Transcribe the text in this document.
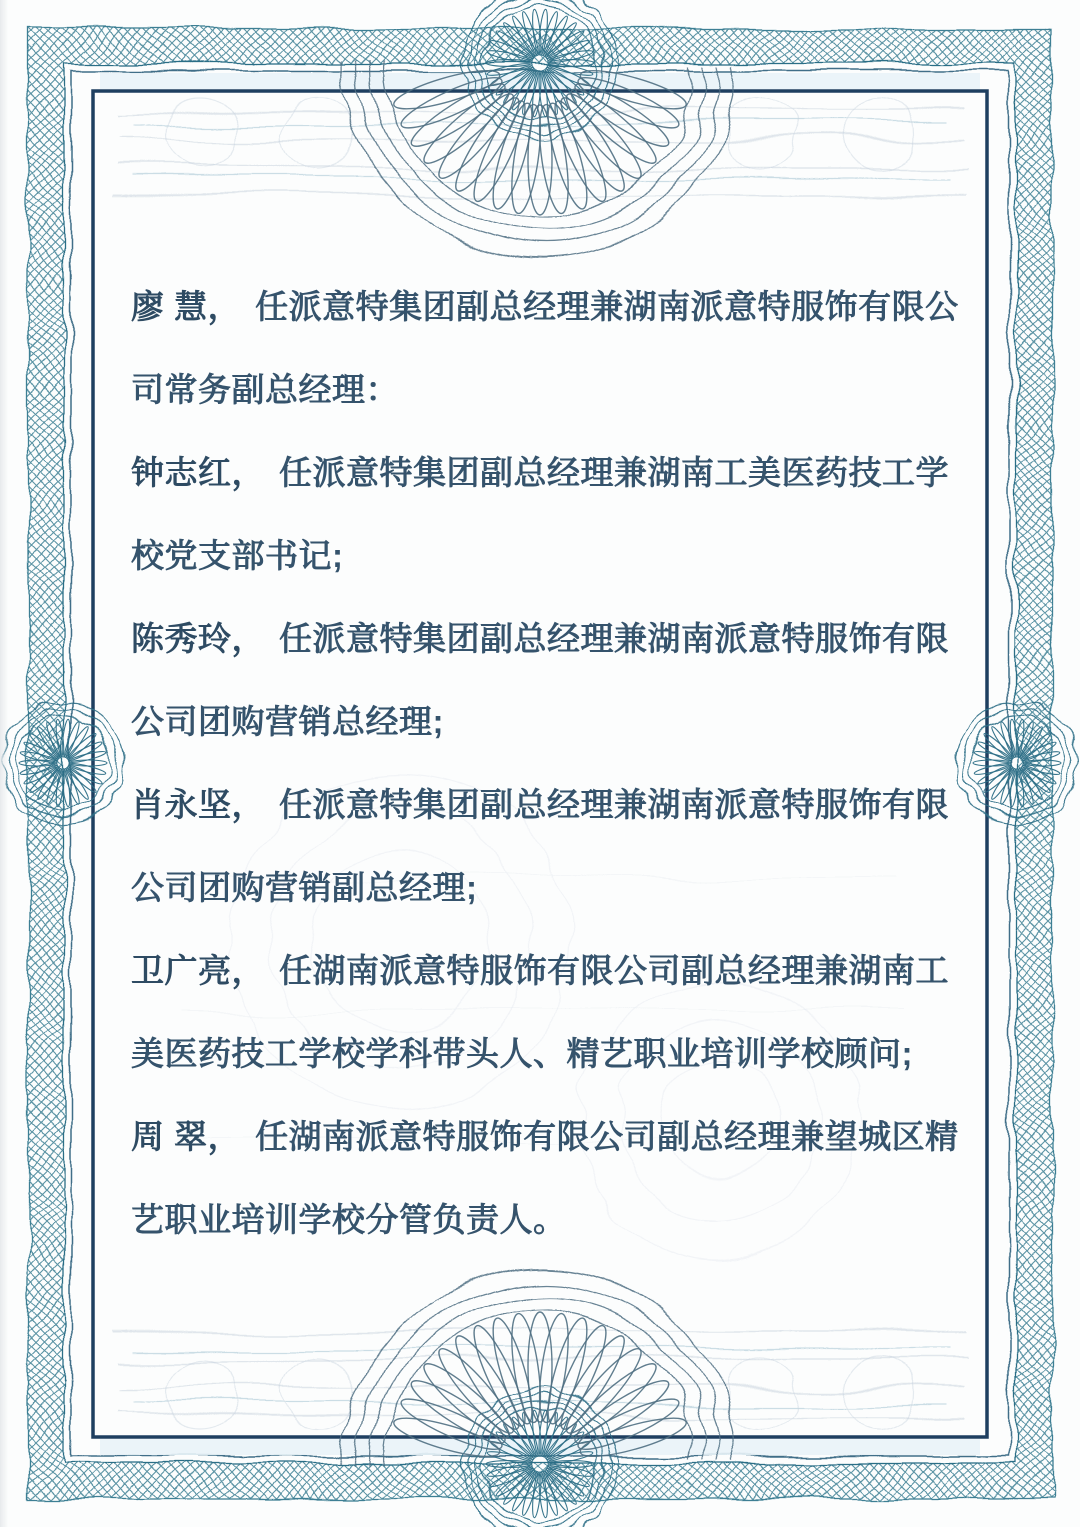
廖 慧， 任派意特集团副总经理兼湖南派意特服饰有限公司常务副总经理：

钟志红， 任派意特集团副总经理兼湖南工美医药技工学校党支部书记;

陈秀玲， 任派意特集团副总经理兼湖南派意特服饰有限公司团购营销总经理;

肖永坚， 任派意特集团副总经理兼湖南派意特服饰有限公司团购营销副总经理;

卫广亮， 任湖南派意特服饰有限公司副总经理兼湖南工美医药技工学校学科带头人、精艺职业培训学校顾问;

周 翠， 任湖南派意特服饰有限公司副总经理兼望城区精艺职业培训学校分管负责人。
